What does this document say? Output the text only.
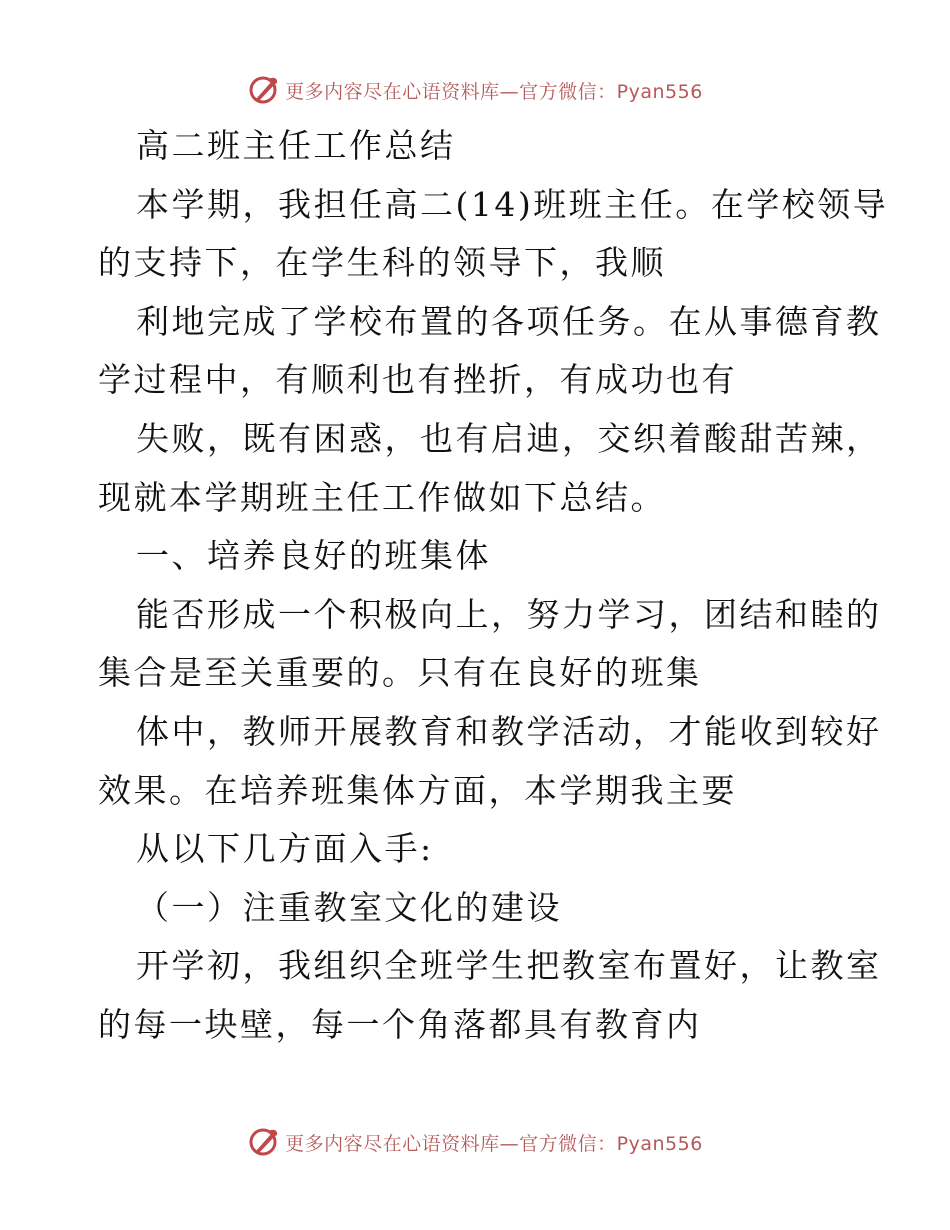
更多内容尽在心语资料库—官方微信：Pyan556
高二班主任工作总结
本学期，我担任高二(14)班班主任。在学校领导
的支持下，在学生科的领导下，我顺
利地完成了学校布置的各项任务。在从事德育教
学过程中，有顺利也有挫折，有成功也有
失败，既有困惑，也有启迪，交织着酸甜苦辣，
现就本学期班主任工作做如下总结。
一、培养良好的班集体
能否形成一个积极向上，努力学习，团结和睦的
集合是至关重要的。只有在良好的班集
体中，教师开展教育和教学活动，才能收到较好
效果。在培养班集体方面，本学期我主要
从以下几方面入手:
（一）注重教室文化的建设
开学初，我组织全班学生把教室布置好，让教室
的每一块壁，每一个角落都具有教育内
更多内容尽在心语资料库—官方微信：Pyan556
